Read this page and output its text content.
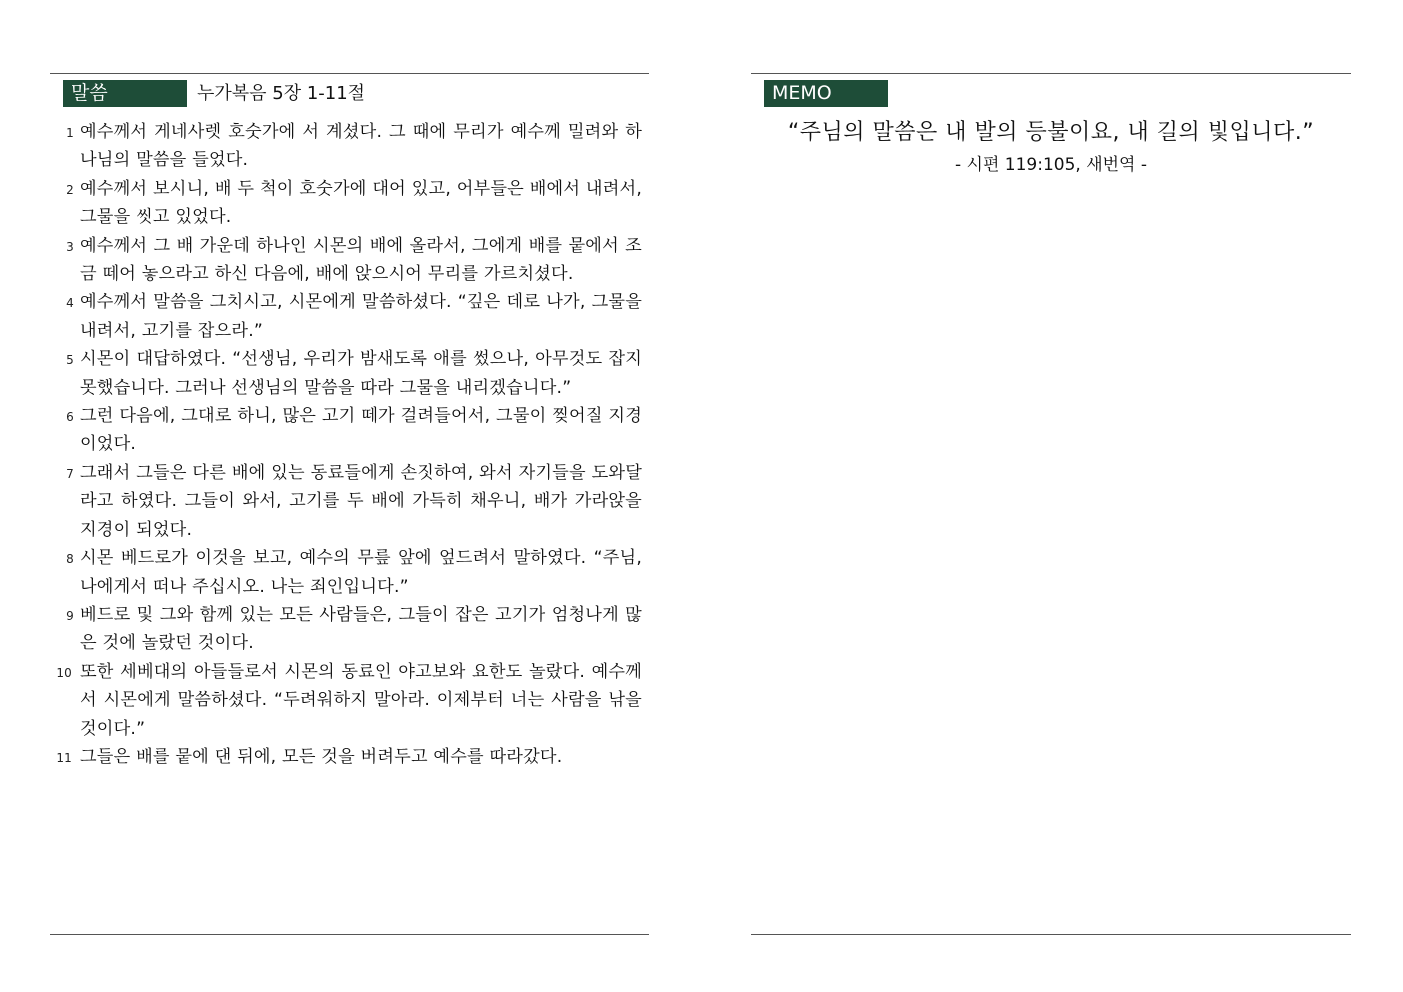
말씀	누가복음 5장 1-11절
1 예수께서 게네사렛 호숫가에 서 계셨다. 그 때에 무리가 예수께 밀려와 하나님의 말씀을 들었다.
2 예수께서 보시니, 배 두 척이 호숫가에 대어 있고, 어부들은 배에서 내려서, 그물을 씻고 있었다.
3 예수께서 그 배 가운데 하나인 시몬의 배에 올라서, 그에게 배를 뭍에서 조금 떼어 놓으라고 하신 다음에, 배에 앉으시어 무리를 가르치셨다.
4 예수께서 말씀을 그치시고, 시몬에게 말씀하셨다. “깊은 데로 나가, 그물을 내려서, 고기를 잡으라.”
5 시몬이 대답하였다. “선생님, 우리가 밤새도록 애를 썼으나, 아무것도 잡지 못했습니다. 그러나 선생님의 말씀을 따라 그물을 내리겠습니다.”
6 그런 다음에, 그대로 하니, 많은 고기 떼가 걸려들어서, 그물이 찢어질 지경이었다.
7 그래서 그들은 다른 배에 있는 동료들에게 손짓하여, 와서 자기들을 도와달라고 하였다. 그들이 와서, 고기를 두 배에 가득히 채우니, 배가 가라앉을 지경이 되었다.
8 시몬 베드로가 이것을 보고, 예수의 무릎 앞에 엎드려서 말하였다. “주님, 나에게서 떠나 주십시오. 나는 죄인입니다.”
9 베드로 및 그와 함께 있는 모든 사람들은, 그들이 잡은 고기가 엄청나게 많은 것에 놀랐던 것이다.
10 또한 세베대의 아들들로서 시몬의 동료인 야고보와 요한도 놀랐다. 예수께서 시몬에게 말씀하셨다. “두려워하지 말아라. 이제부터 너는 사람을 낚을 것이다.”
11 그들은 배를 뭍에 댄 뒤에, 모든 것을 버려두고 예수를 따라갔다.
MEMO
“주님의 말씀은 내 발의 등불이요, 내 길의 빛입니다.”
- 시편 119:105, 새번역 -
